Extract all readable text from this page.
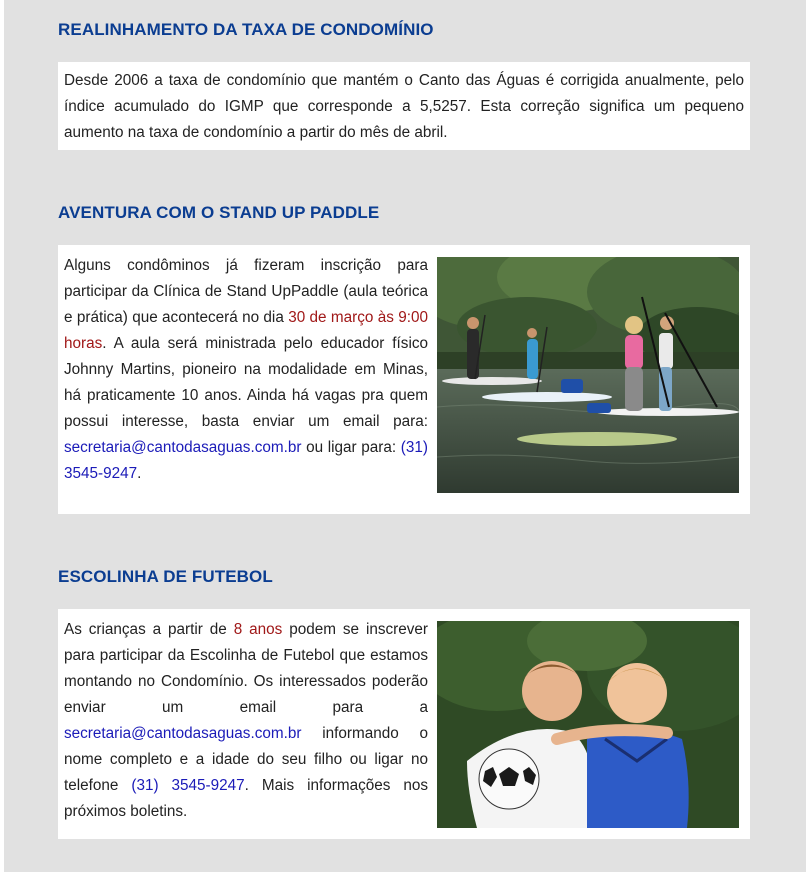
REALINHAMENTO DA TAXA DE CONDOMÍNIO
Desde 2006 a taxa de condomínio que mantém o Canto das Águas é corrigida anualmente, pelo índice acumulado do IGMP que corresponde a 5,5257. Esta correção significa um pequeno aumento na taxa de condomínio a partir do mês de abril.
AVENTURA COM O STAND UP PADDLE
Alguns condôminos já fizeram inscrição para participar da Clínica de Stand UpPaddle (aula teórica e prática) que acontecerá no dia 30 de março às 9:00 horas. A aula será ministrada pelo educador físico Johnny Martins, pioneiro na modalidade em Minas, há praticamente 10 anos. Ainda há vagas pra quem possui interesse, basta enviar um email para: secretaria@cantodasaguas.com.br ou ligar para: (31) 3545-9247.
ESCOLINHA DE FUTEBOL
As crianças a partir de 8 anos podem se inscrever para participar da Escolinha de Futebol que estamos montando no Condomínio. Os interessados poderão enviar um email para a secretaria@cantodasaguas.com.br informando o nome completo e a idade do seu filho ou ligar no telefone (31) 3545-9247. Mais informações nos próximos boletins.
